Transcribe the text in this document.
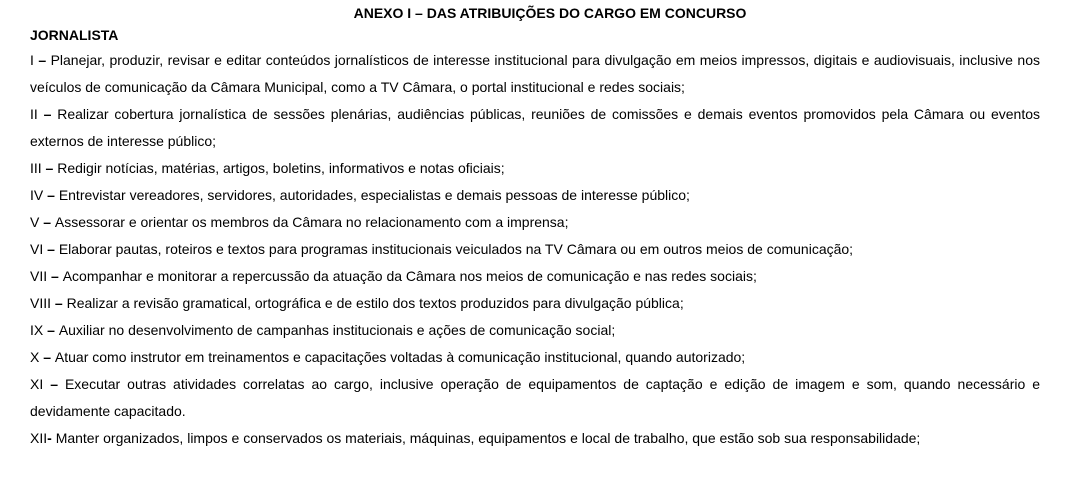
ANEXO I – DAS ATRIBUIÇÕES DO CARGO EM CONCURSO
JORNALISTA

I – Planejar, produzir, revisar e editar conteúdos jornalísticos de interesse institucional para divulgação em meios impressos, digitais e audiovisuais, inclusive nos veículos de comunicação da Câmara Municipal, como a TV Câmara, o portal institucional e redes sociais;

II – Realizar cobertura jornalística de sessões plenárias, audiências públicas, reuniões de comissões e demais eventos promovidos pela Câmara ou eventos externos de interesse público;

III – Redigir notícias, matérias, artigos, boletins, informativos e notas oficiais;

IV – Entrevistar vereadores, servidores, autoridades, especialistas e demais pessoas de interesse público;

V – Assessorar e orientar os membros da Câmara no relacionamento com a imprensa;

VI – Elaborar pautas, roteiros e textos para programas institucionais veiculados na TV Câmara ou em outros meios de comunicação;

VII – Acompanhar e monitorar a repercussão da atuação da Câmara nos meios de comunicação e nas redes sociais;

VIII – Realizar a revisão gramatical, ortográfica e de estilo dos textos produzidos para divulgação pública;

IX – Auxiliar no desenvolvimento de campanhas institucionais e ações de comunicação social;

X – Atuar como instrutor em treinamentos e capacitações voltadas à comunicação institucional, quando autorizado;

XI – Executar outras atividades correlatas ao cargo, inclusive operação de equipamentos de captação e edição de imagem e som, quando necessário e devidamente capacitado.

XII- Manter organizados, limpos e conservados os materiais, máquinas, equipamentos e local de trabalho, que estão sob sua responsabilidade;
